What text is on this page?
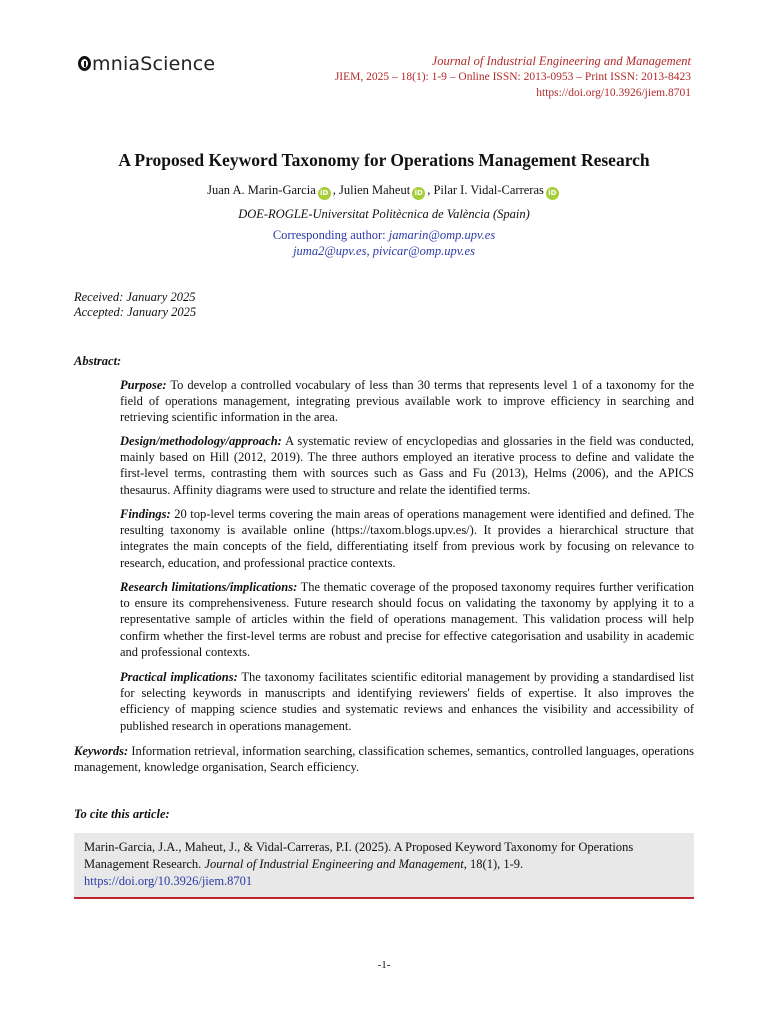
mniaScience	Journal of Industrial Engineering and Management
JIEM, 2025 – 18(1): 1-9 – Online ISSN: 2013-0953 – Print ISSN: 2013-8423
https://doi.org/10.3926/jiem.8701
A Proposed Keyword Taxonomy for Operations Management Research
Juan A. Marin-Garcia iD , Julien Maheut iD , Pilar I. Vidal-Carreras iD
DOE-ROGLE-Universitat Politècnica de València (Spain)
Corresponding author: jamarin@omp.upv.es
juma2@upv.es, pivicar@omp.upv.es
Received: January 2025
Accepted: January 2025
Abstract:
Purpose: To develop a controlled vocabulary of less than 30 terms that represents level 1 of a taxonomy for the field of operations management, integrating previous available work to improve efficiency in searching and retrieving scientific information in the area.
Design/methodology/approach: A systematic review of encyclopedias and glossaries in the field was conducted, mainly based on Hill (2012, 2019). The three authors employed an iterative process to define and validate the first-level terms, contrasting them with sources such as Gass and Fu (2013), Helms (2006), and the APICS thesaurus. Affinity diagrams were used to structure and relate the identified terms.
Findings: 20 top-level terms covering the main areas of operations management were identified and defined. The resulting taxonomy is available online (https://taxom.blogs.upv.es/). It provides a hierarchical structure that integrates the main concepts of the field, differentiating itself from previous work by focusing on relevance to research, education, and professional practice contexts.
Research limitations/implications: The thematic coverage of the proposed taxonomy requires further verification to ensure its comprehensiveness. Future research should focus on validating the taxonomy by applying it to a representative sample of articles within the field of operations management. This validation process will help confirm whether the first-level terms are robust and precise for effective categorisation and usability in academic and professional contexts.
Practical implications: The taxonomy facilitates scientific editorial management by providing a standardised list for selecting keywords in manuscripts and identifying reviewers' fields of expertise. It also improves the efficiency of mapping science studies and systematic reviews and enhances the visibility and accessibility of published research in operations management.
Keywords: Information retrieval, information searching, classification schemes, semantics, controlled languages, operations management, knowledge organisation, Search efficiency.
To cite this article:
Marin-Garcia, J.A., Maheut, J., & Vidal-Carreras, P.I. (2025). A Proposed Keyword Taxonomy for Operations Management Research. Journal of Industrial Engineering and Management, 18(1), 1-9.
https://doi.org/10.3926/jiem.8701
-1-
